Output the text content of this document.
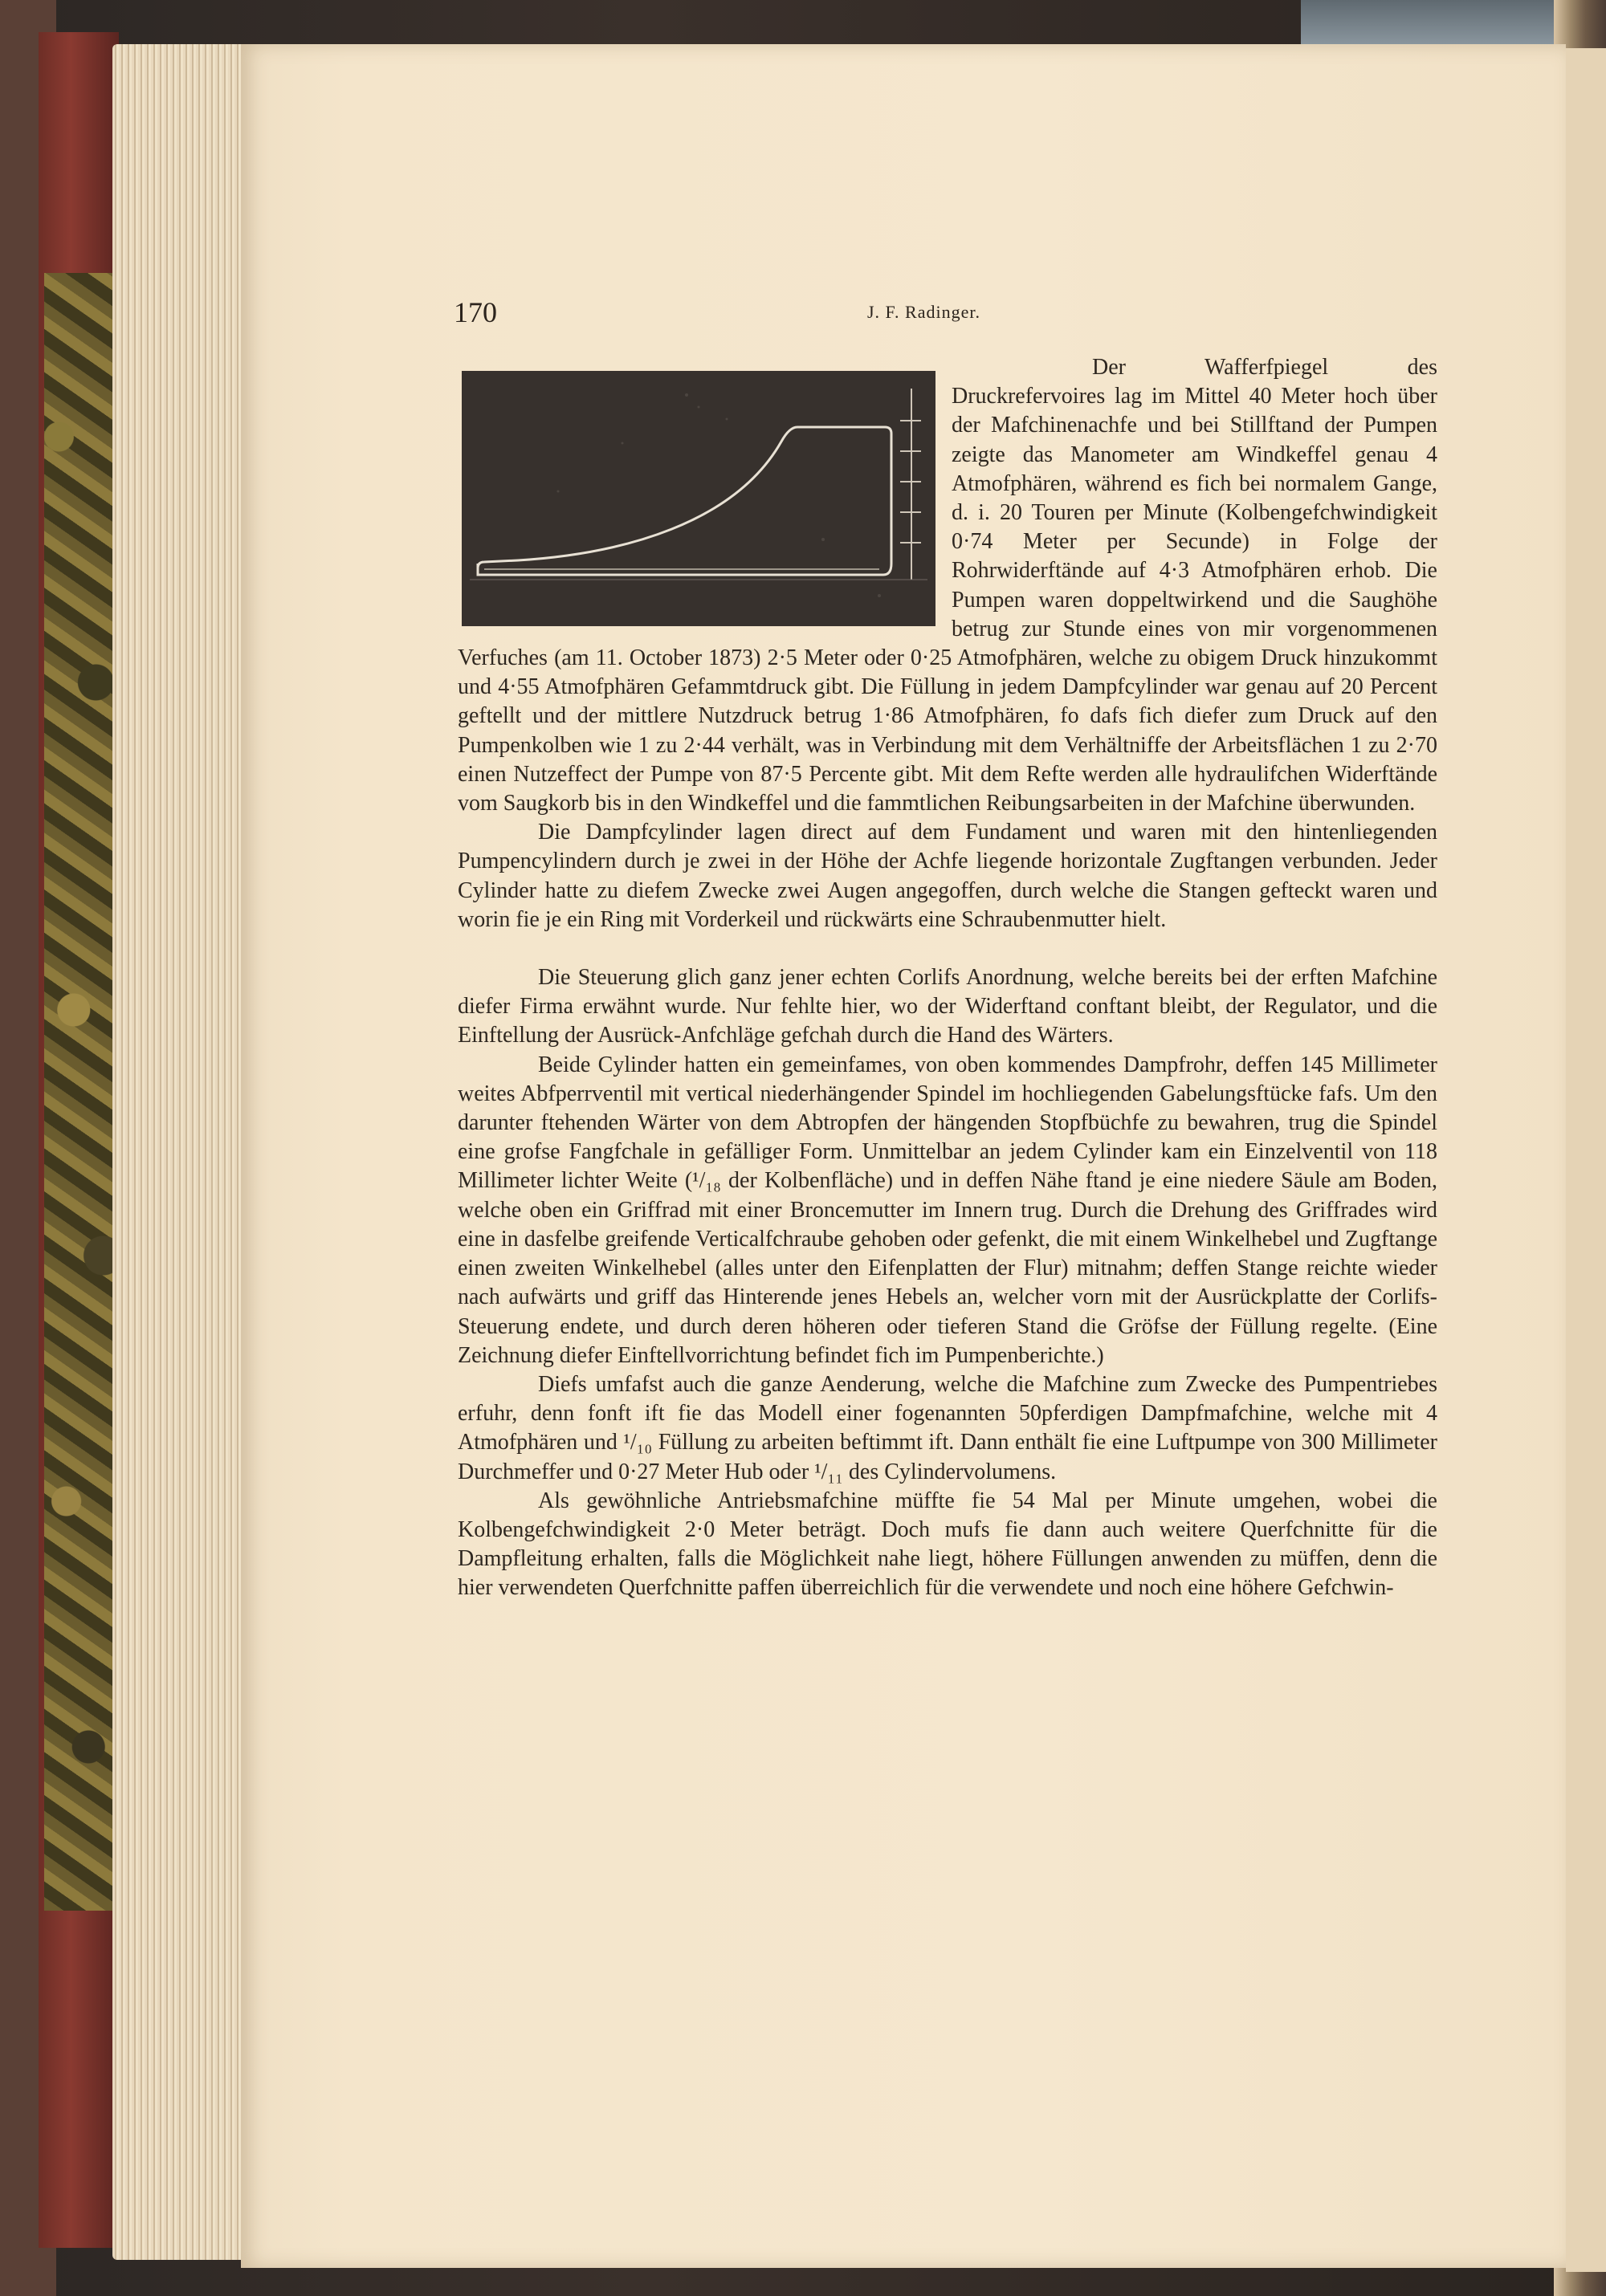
170	J. F. Radinger.

Der Wafferfpiegel des Druckrefervoires lag im Mittel 40 Meter hoch über der Mafchinenachfe und bei Stillftand der Pumpen zeigte das Manometer am Windkeffel genau 4 Atmofphären, während es fich bei normalem Gange, d. i. 20 Touren per Minute (Kolbengefchwindigkeit 0·74 Meter per Secunde) in Folge der Rohrwiderftände auf 4·3 Atmofphären erhob. Die Pumpen waren doppeltwirkend und die Saughöhe betrug zur Stunde eines von mir vorgenommenen Verfuches (am 11. October 1873) 2·5 Meter oder 0·25 Atmofphären, welche zu obigem Druck hinzukommt und 4·55 Atmofphären Gefammtdruck gibt. Die Füllung in jedem Dampfcylinder war genau auf 20 Percent geftellt und der mittlere Nutzdruck betrug 1·86 Atmofphären, fo dafs fich diefer zum Druck auf den Pumpenkolben wie 1 zu 2·44 verhält, was in Verbindung mit dem Verhältniffe der Arbeitsflächen 1 zu 2·70 einen Nutzeffect der Pumpe von 87·5 Percente gibt. Mit dem Refte werden alle hydraulifchen Widerftände vom Saugkorb bis in den Windkeffel und die fammtlichen Reibungsarbeiten in der Mafchine überwunden.

Die Dampfcylinder lagen direct auf dem Fundament und waren mit den hintenliegenden Pumpencylindern durch je zwei in der Höhe der Achfe liegende horizontale Zugftangen verbunden. Jeder Cylinder hatte zu diefem Zwecke zwei Augen angegoffen, durch welche die Stangen gefteckt waren und worin fie je ein Ring mit Vorderkeil und rückwärts eine Schraubenmutter hielt.

Die Steuerung glich ganz jener echten Corlifs Anordnung, welche bereits bei der erften Mafchine diefer Firma erwähnt wurde. Nur fehlte hier, wo der Widerftand conftant bleibt, der Regulator, und die Einftellung der Ausrück-Anfchläge gefchah durch die Hand des Wärters.

Beide Cylinder hatten ein gemeinfames, von oben kommendes Dampfrohr, deffen 145 Millimeter weites Abfperrventil mit vertical niederhängender Spindel im hochliegenden Gabelungsftücke fafs. Um den darunter ftehenden Wärter von dem Abtropfen der hängenden Stopfbüchfe zu bewahren, trug die Spindel eine grofse Fangfchale in gefälliger Form. Unmittelbar an jedem Cylinder kam ein Einzelventil von 118 Millimeter lichter Weite (¹/₁₈ der Kolbenfläche) und in deffen Nähe ftand je eine niedere Säule am Boden, welche oben ein Griffrad mit einer Broncemutter im Innern trug. Durch die Drehung des Griffrades wird eine in dasfelbe greifende Verticalfchraube gehoben oder gefenkt, die mit einem Winkelhebel und Zugftange einen zweiten Winkelhebel (alles unter den Eifenplatten der Flur) mitnahm; deffen Stange reichte wieder nach aufwärts und griff das Hinterende jenes Hebels an, welcher vorn mit der Ausrückplatte der Corlifs-Steuerung endete, und durch deren höheren oder tieferen Stand die Gröfse der Füllung regelte. (Eine Zeichnung diefer Einftellvorrichtung befindet fich im Pumpenberichte.)

Diefs umfafst auch die ganze Aenderung, welche die Mafchine zum Zwecke des Pumpentriebes erfuhr, denn fonft ift fie das Modell einer fogenannten 50pferdigen Dampfmafchine, welche mit 4 Atmofphären und ¹/₁₀ Füllung zu arbeiten beftimmt ift. Dann enthält fie eine Luftpumpe von 300 Millimeter Durchmeffer und 0·27 Meter Hub oder ¹/₁₁ des Cylindervolumens.

Als gewöhnliche Antriebsmafchine müffte fie 54 Mal per Minute umgehen, wobei die Kolbengefchwindigkeit 2·0 Meter beträgt. Doch mufs fie dann auch weitere Querfchnitte für die Dampfleitung erhalten, falls die Möglichkeit nahe liegt, höhere Füllungen anwenden zu müffen, denn die hier verwendeten Querfchnitte paffen überreichlich für die verwendete und noch eine höhere Gefchwin-
